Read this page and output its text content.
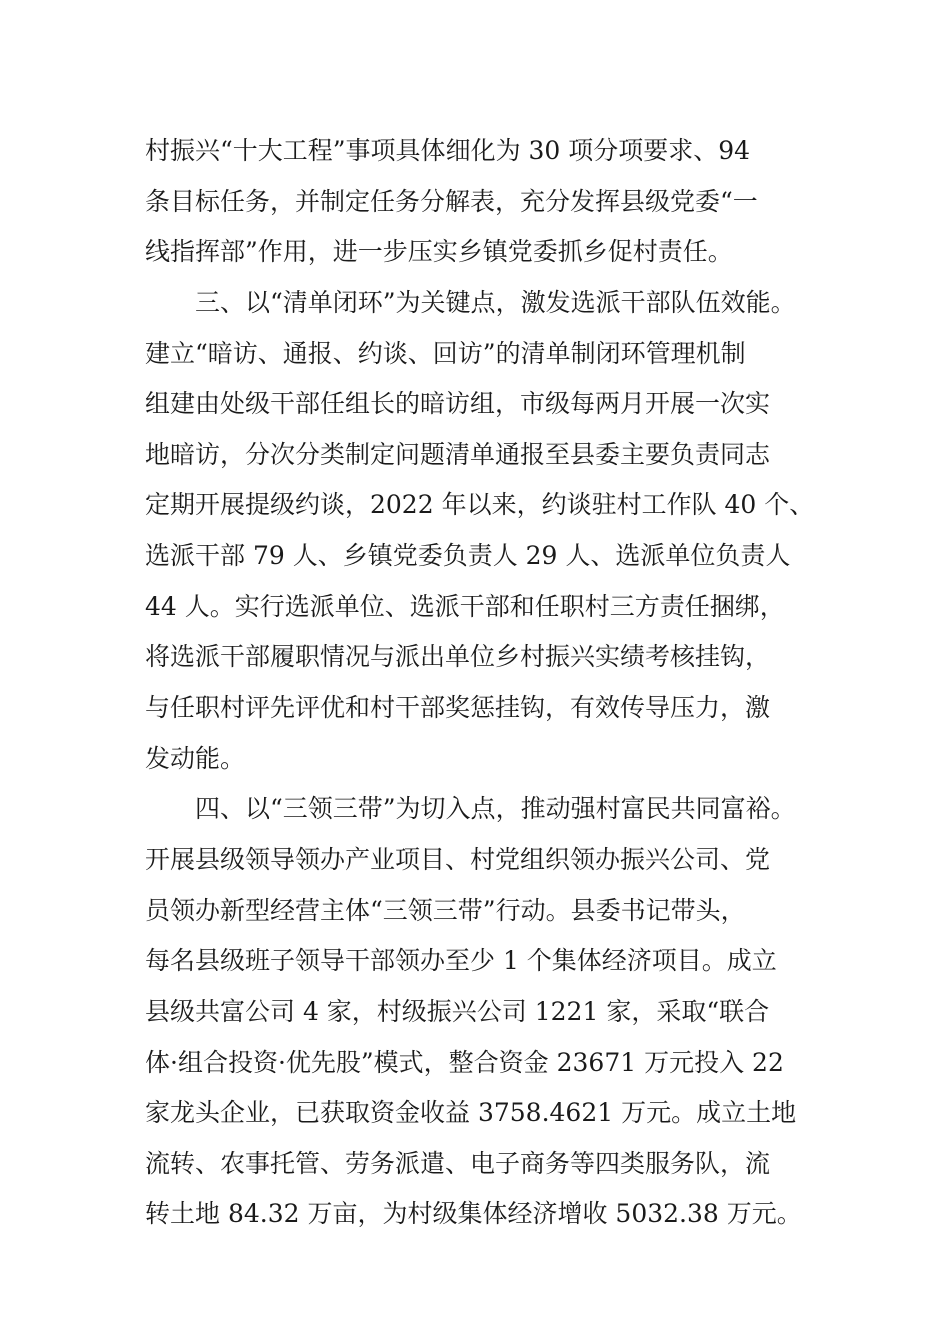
村振兴“十大工程”事项具体细化为 30 项分项要求、94
条目标任务，并制定任务分解表，充分发挥县级党委“一
线指挥部”作用，进一步压实乡镇党委抓乡促村责任。
三、以“清单闭环”为关键点，激发选派干部队伍效能。
建立“暗访、通报、约谈、回访”的清单制闭环管理机制
组建由处级干部任组长的暗访组，市级每两月开展一次实
地暗访，分次分类制定问题清单通报至县委主要负责同志
定期开展提级约谈，2022 年以来，约谈驻村工作队 40 个、
选派干部 79 人、乡镇党委负责人 29 人、选派单位负责人
44 人。实行选派单位、选派干部和任职村三方责任捆绑，
将选派干部履职情况与派出单位乡村振兴实绩考核挂钩，
与任职村评先评优和村干部奖惩挂钩，有效传导压力，激
发动能。
四、以“三领三带”为切入点，推动强村富民共同富裕。
开展县级领导领办产业项目、村党组织领办振兴公司、党
员领办新型经营主体“三领三带”行动。县委书记带头，
每名县级班子领导干部领办至少 1 个集体经济项目。成立
县级共富公司 4 家，村级振兴公司 1221 家，采取“联合
体·组合投资·优先股”模式，整合资金 23671 万元投入 22
家龙头企业，已获取资金收益 3758.4621 万元。成立土地
流转、农事托管、劳务派遣、电子商务等四类服务队，流
转土地 84.32 万亩，为村级集体经济增收 5032.38 万元。
